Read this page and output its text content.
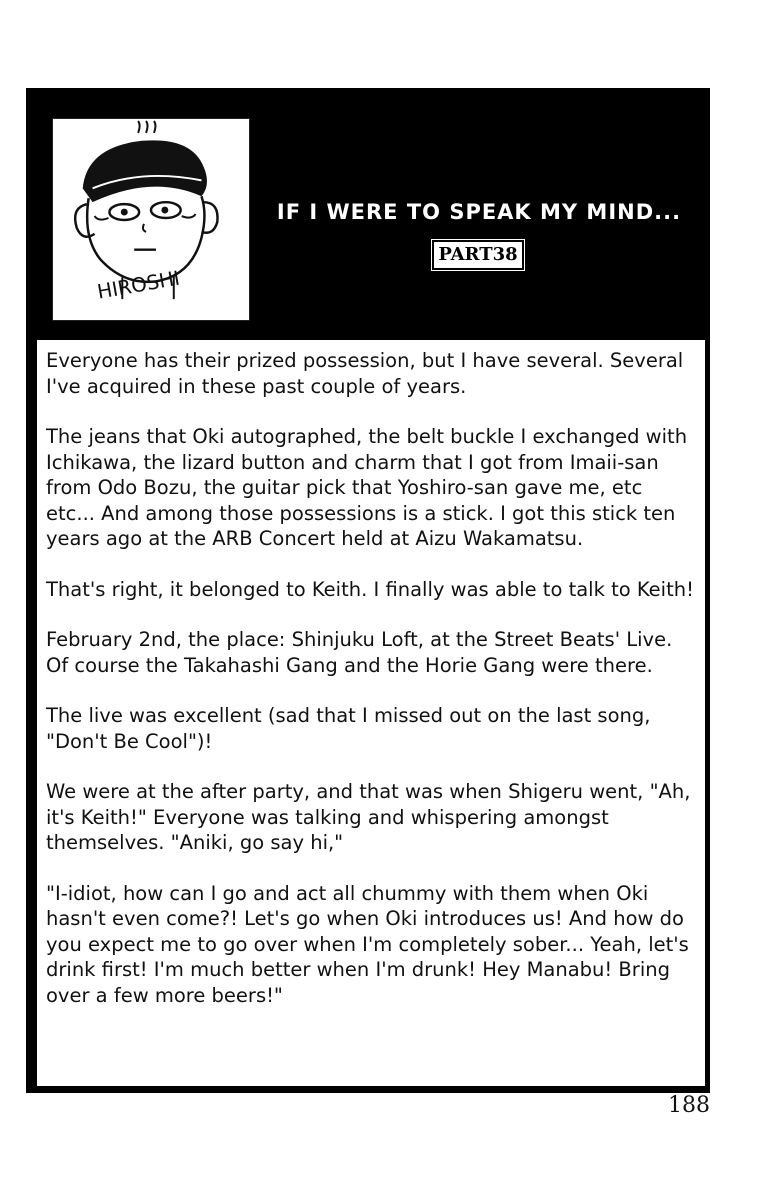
HIROSHI
IF I WERE TO SPEAK MY MIND...
PART38

Everyone has their prized possession, but I have several. Several I've acquired in these past couple of years.

The jeans that Oki autographed, the belt buckle I exchanged with Ichikawa, the lizard button and charm that I got from Imaii-san from Odo Bozu, the guitar pick that Yoshiro-san gave me, etc etc... And among those possessions is a stick. I got this stick ten years ago at the ARB Concert held at Aizu Wakamatsu.

That's right, it belonged to Keith. I finally was able to talk to Keith!

February 2nd, the place: Shinjuku Loft, at the Street Beats' Live. Of course the Takahashi Gang and the Horie Gang were there.

The live was excellent (sad that I missed out on the last song, "Don't Be Cool")!

We were at the after party, and that was when Shigeru went, "Ah, it's Keith!" Everyone was talking and whispering amongst themselves. "Aniki, go say hi,"

"I-idiot, how can I go and act all chummy with them when Oki hasn't even come?! Let's go when Oki introduces us! And how do you expect me to go over when I'm completely sober... Yeah, let's drink first! I'm much better when I'm drunk! Hey Manabu! Bring over a few more beers!"

188
